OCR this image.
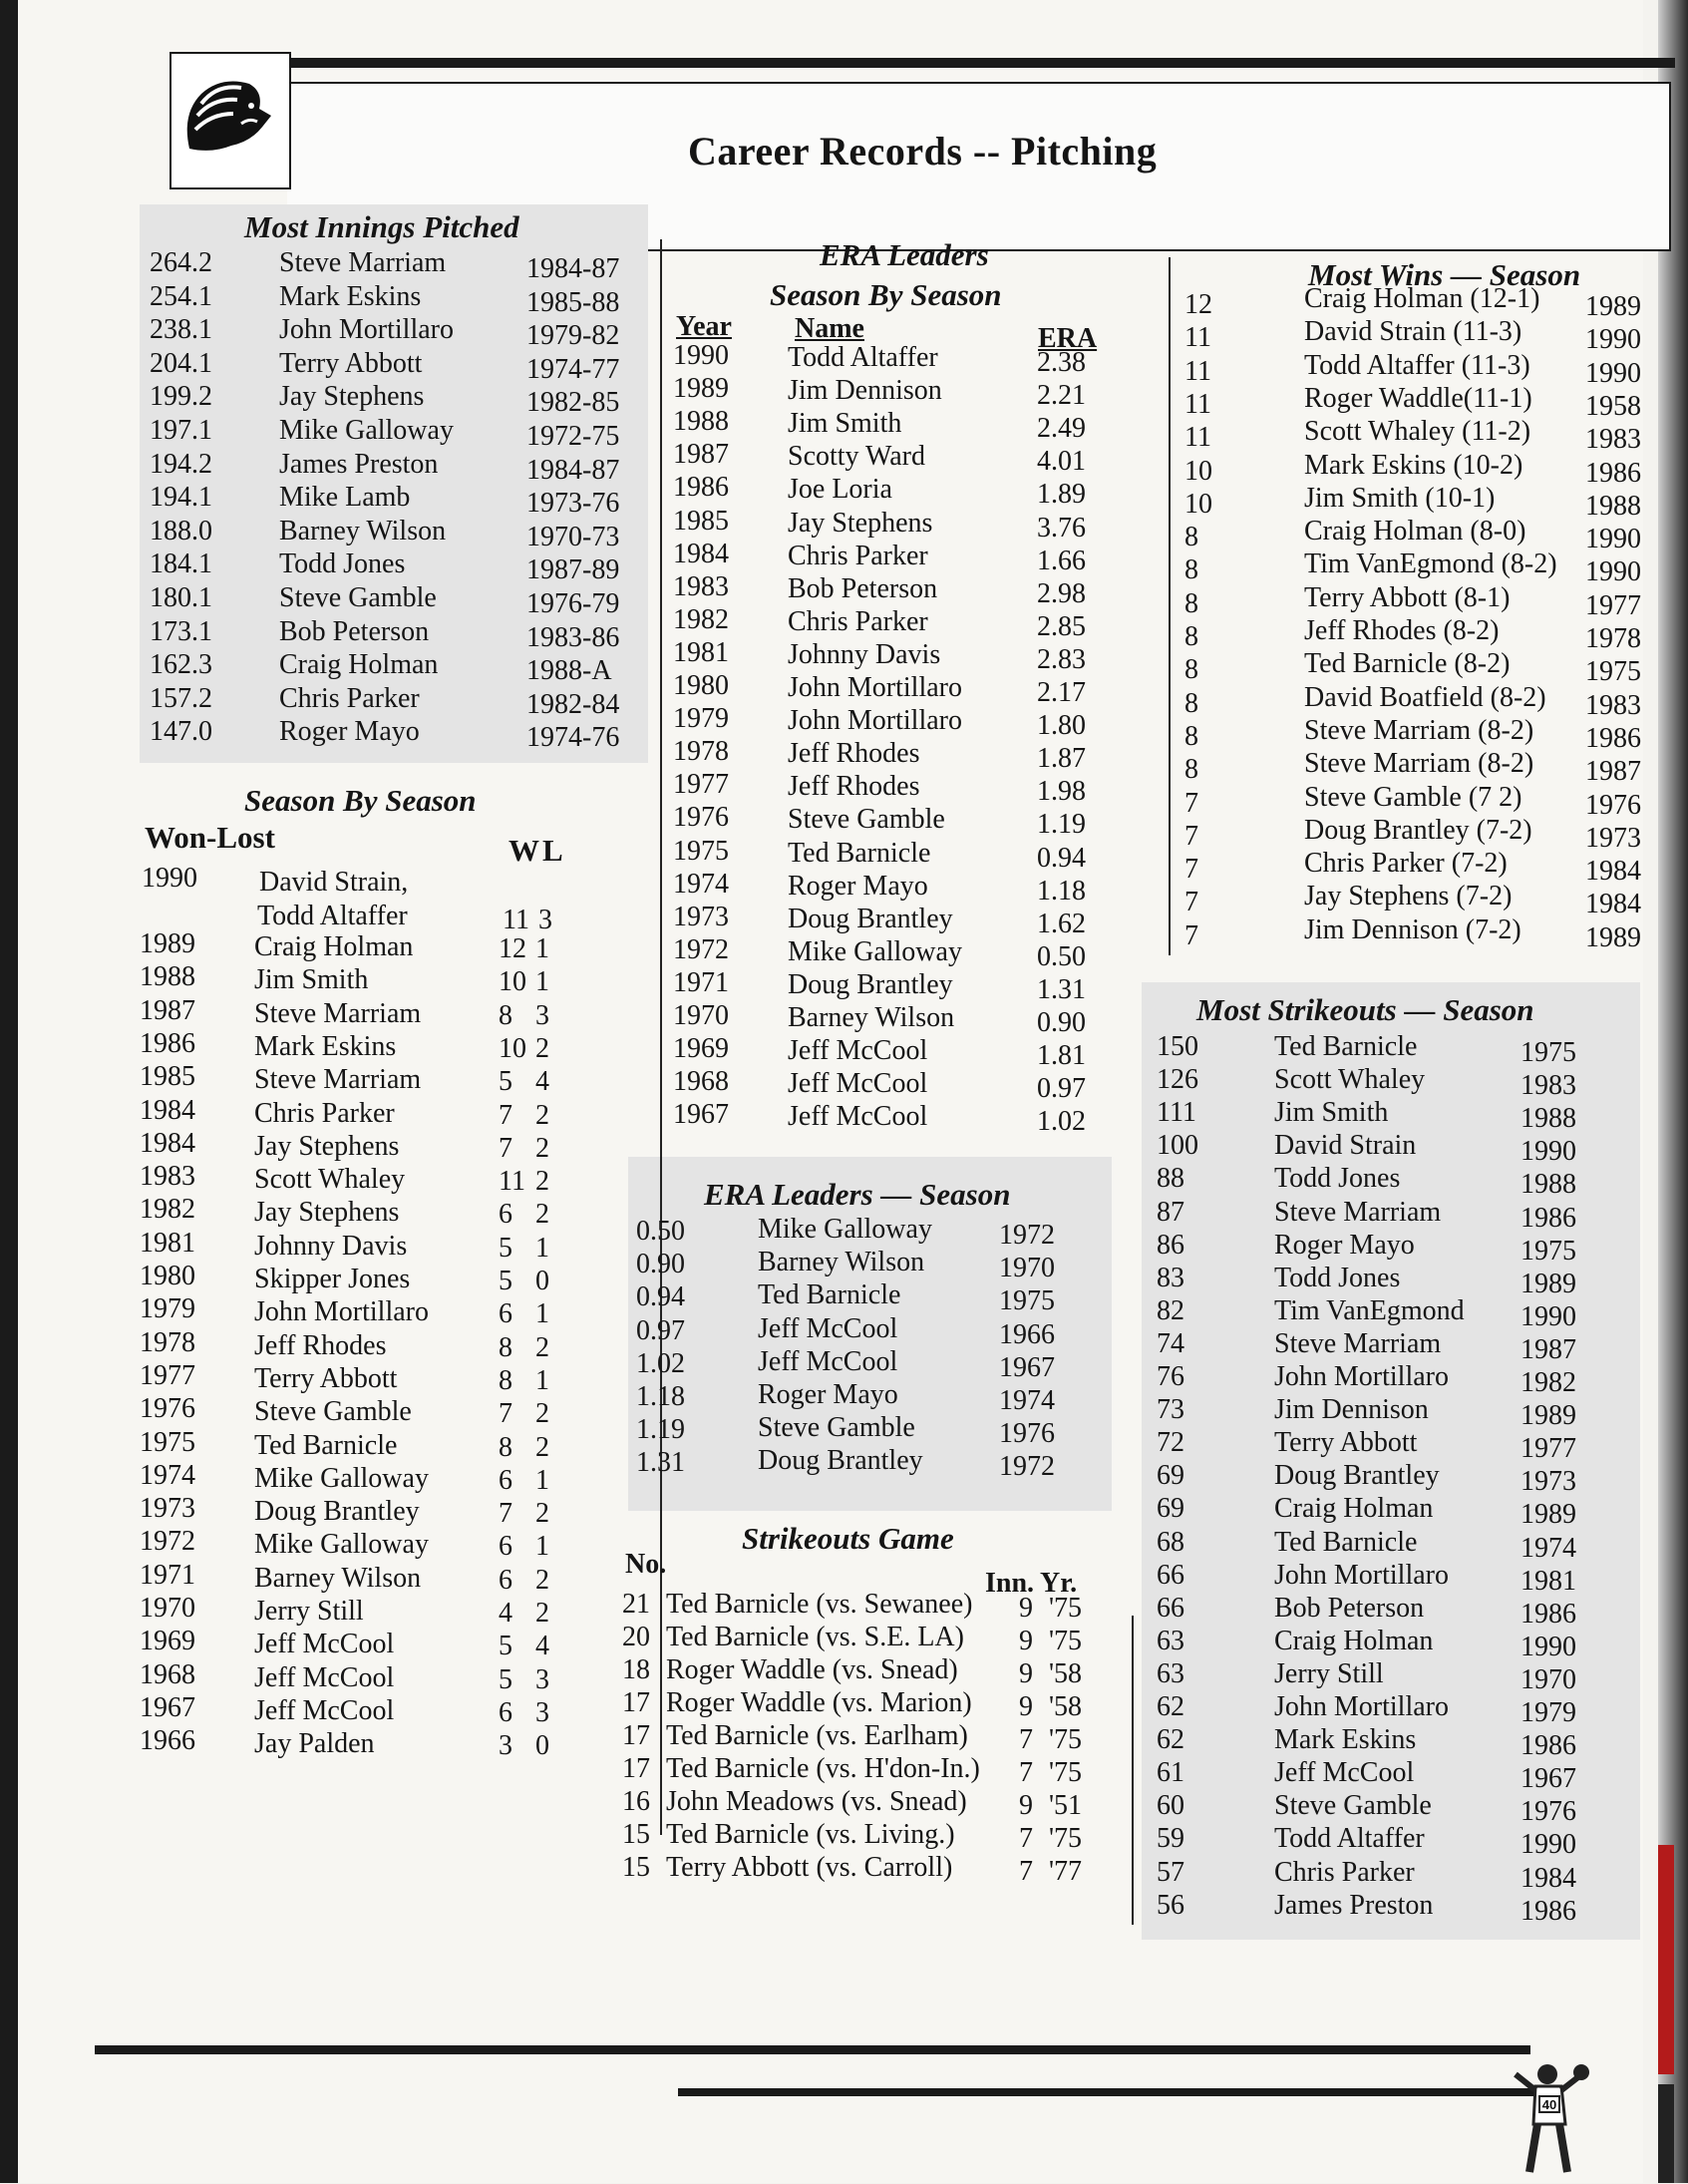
Career Records -- Pitching
Most Innings Pitched
264.2 Steve Marriam	1984-87
254.1 Mark Eskins	1985-88
238.1 John Mortillaro	1979-82
204.1 Terry Abbott	1974-77
199.2 Jay Stephens	1982-85
197.1 Mike Galloway	1972-75
194.2 James Preston	1984-87
194.1 Mike Lamb	1973-76
188.0 Barney Wilson	1970-73
184.1 Todd Jones	1987-89
180.1 Steve Gamble	1976-79
173.1 Bob Peterson	1983-86
162.3 Craig Holman	1988-A
157.2 Chris Parker	1982-84
147.0 Roger Mayo	1974-76
Season By Season
Won-Lost	WL
1990 David Strain,
Todd Altaffer	11 3
1989 Craig Holman	12 1
1988 Jim Smith	10 1
1987 Steve Marriam	8 3
1986 Mark Eskins	10 2
1985 Steve Marriam	5 4
1984 Chris Parker	7 2
1984 Jay Stephens	7 2
1983 Scott Whaley	11 2
1982 Jay Stephens	6 2
1981 Johnny Davis	5 1
1980 Skipper Jones	5 0
1979 John Mortillaro	6 1
1978 Jeff Rhodes	8 2
1977 Terry Abbott	8 1
1976 Steve Gamble	7 2
1975 Ted Barnicle	8 2
1974 Mike Galloway	6 1
1973 Doug Brantley	7 2
1972 Mike Galloway	6 1
1971 Barney Wilson	6 2
1970 Jerry Still	4 2
1969 Jeff McCool	5 4
1968 Jeff McCool	5 3
1967 Jeff McCool	6 3
1966 Jay Palden	3 0
ERA Leaders
Season By Season
Year Name	ERA
1990 Todd Altaffer	2.38
1989 Jim Dennison	2.21
1988 Jim Smith	2.49
1987 Scotty Ward	4.01
1986 Joe Loria	1.89
1985 Jay Stephens	3.76
1984 Chris Parker	1.66
1983 Bob Peterson	2.98
1982 Chris Parker	2.85
1981 Johnny Davis	2.83
1980 John Mortillaro	2.17
1979 John Mortillaro	1.80
1978 Jeff Rhodes	1.87
1977 Jeff Rhodes	1.98
1976 Steve Gamble	1.19
1975 Ted Barnicle	0.94
1974 Roger Mayo	1.18
1973 Doug Brantley	1.62
1972 Mike Galloway	0.50
1971 Doug Brantley	1.31
1970 Barney Wilson	0.90
1969 Jeff McCool	1.81
1968 Jeff McCool	0.97
1967 Jeff McCool	1.02
ERA Leaders — Season
0.50	Mike Galloway 1972
0.90	Barney Wilson	1970
0.94	Ted Barnicle	1975
0.97	Jeff McCool	1966
1.02	Jeff McCool	1967
1.18	Roger Mayo	1974
1.19	Steve Gamble	1976
1.31	Doug Brantley	1972
Strikeouts Game
No.
Inn. Yr.
21 Ted Barnicle (vs. Sewanee) 9 '75
20 Ted Barnicle (vs. S.E. LA) 9 '75
18 Roger Waddle (vs. Snead) 9 '58
17 Roger Waddle (vs. Marion) 9 '58
17 Ted Barnicle (vs. Earlham) 7 '75
17 Ted Barnicle (vs. H'don-In.) 7 '75
16 John Meadows (vs. Snead) 9 '51
15 Ted Barnicle (vs. Living.) 7 '75
15 Terry Abbott (vs. Carroll) 7 '77
Most Wins — Season
12	Craig Holman (12-1) 1989
11	David Strain (11-3) 1990
11	Todd Altaffer (11-3) 1990
11	Roger Waddle(11-1) 1958
11	Scott Whaley (11-2) 1983
10	Mark Eskins (10-2) 1986
10	Jim Smith (10-1)	1988
8	Craig Holman (8-0) 1990
8	Tim VanEgmond (8-2) 1990
8	Terry Abbott (8-1)	1977
8	Jeff Rhodes (8-2)	1978
8	Ted Barnicle (8-2)	1975
8	David Boatfield (8-2) 1983
8	Steve Marriam (8-2) 1986
8	Steve Marriam (8-2) 1987
7	Steve Gamble (7 2) 1976
7	Doug Brantley (7-2) 1973
7	Chris Parker (7-2)	1984
7	Jay Stephens (7-2)	1984
7	Jim Dennison (7-2) 1989
Most Strikeouts — Season
150	Ted Barnicle	1975
126	Scott Whaley	1983
111	Jim Smith	1988
100	David Strain	1990
88	Todd Jones	1988
87	Steve Marriam	1986
86	Roger Mayo	1975
83	Todd Jones	1989
82	Tim VanEgmond 1990
74	Steve Marriam	1987
76	John Mortillaro	1982
73	Jim Dennison	1989
72	Terry Abbott	1977
69	Doug Brantley	1973
69	Craig Holman	1989
68	Ted Barnicle	1974
66	John Mortillaro	1981
66	Bob Peterson	1986
63	Craig Holman	1990
63	Jerry Still	1970
62	John Mortillaro	1979
62	Mark Eskins	1986
61	Jeff McCool	1967
60	Steve Gamble	1976
59	Todd Altaffer	1990
57	Chris Parker	1984
56	James Preston	1986
40
